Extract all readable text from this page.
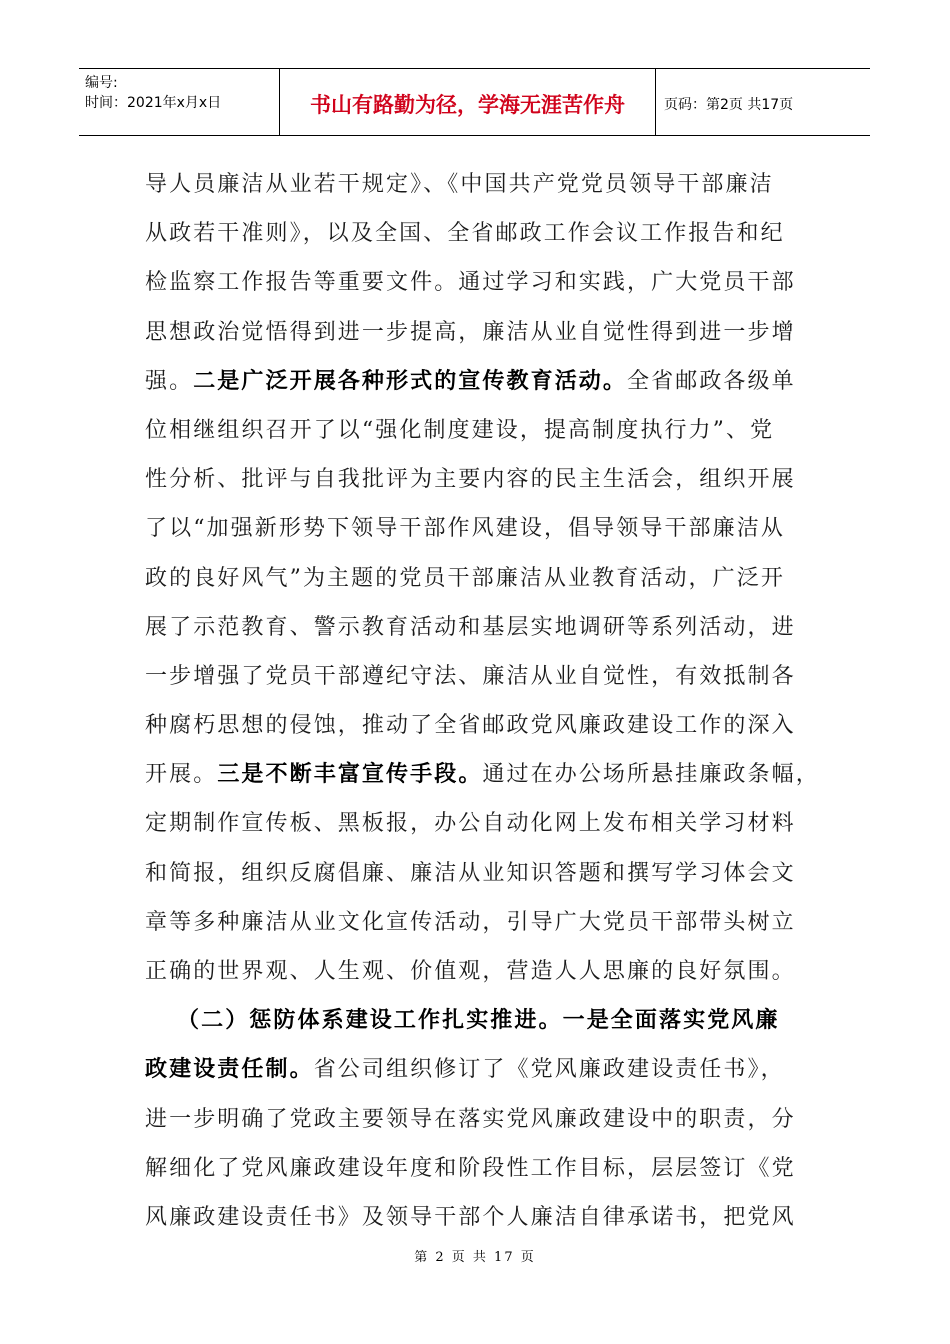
编号:
时间：2021年x月x日	书山有路勤为径，学海无涯苦作舟	页码：第2页 共17页
导人员廉洁从业若干规定》、《中国共产党党员领导干部廉洁
从政若干准则》，以及全国、全省邮政工作会议工作报告和纪
检监察工作报告等重要文件。通过学习和实践，广大党员干部
思想政治觉悟得到进一步提高，廉洁从业自觉性得到进一步增
强。二是广泛开展各种形式的宣传教育活动。全省邮政各级单
位相继组织召开了以“强化制度建设，提高制度执行力”、党
性分析、批评与自我批评为主要内容的民主生活会，组织开展
了以“加强新形势下领导干部作风建设，倡导领导干部廉洁从
政的良好风气”为主题的党员干部廉洁从业教育活动，广泛开
展了示范教育、警示教育活动和基层实地调研等系列活动，进
一步增强了党员干部遵纪守法、廉洁从业自觉性，有效抵制各
种腐朽思想的侵蚀，推动了全省邮政党风廉政建设工作的深入
开展。三是不断丰富宣传手段。通过在办公场所悬挂廉政条幅，
定期制作宣传板、黑板报，办公自动化网上发布相关学习材料
和简报，组织反腐倡廉、廉洁从业知识答题和撰写学习体会文
章等多种廉洁从业文化宣传活动，引导广大党员干部带头树立
正确的世界观、人生观、价值观，营造人人思廉的良好氛围。
（二）惩防体系建设工作扎实推进。一是全面落实党风廉
政建设责任制。省公司组织修订了《党风廉政建设责任书》，
进一步明确了党政主要领导在落实党风廉政建设中的职责，分
解细化了党风廉政建设年度和阶段性工作目标，层层签订《党
风廉政建设责任书》及领导干部个人廉洁自律承诺书，把党风
第 2 页 共 17 页
